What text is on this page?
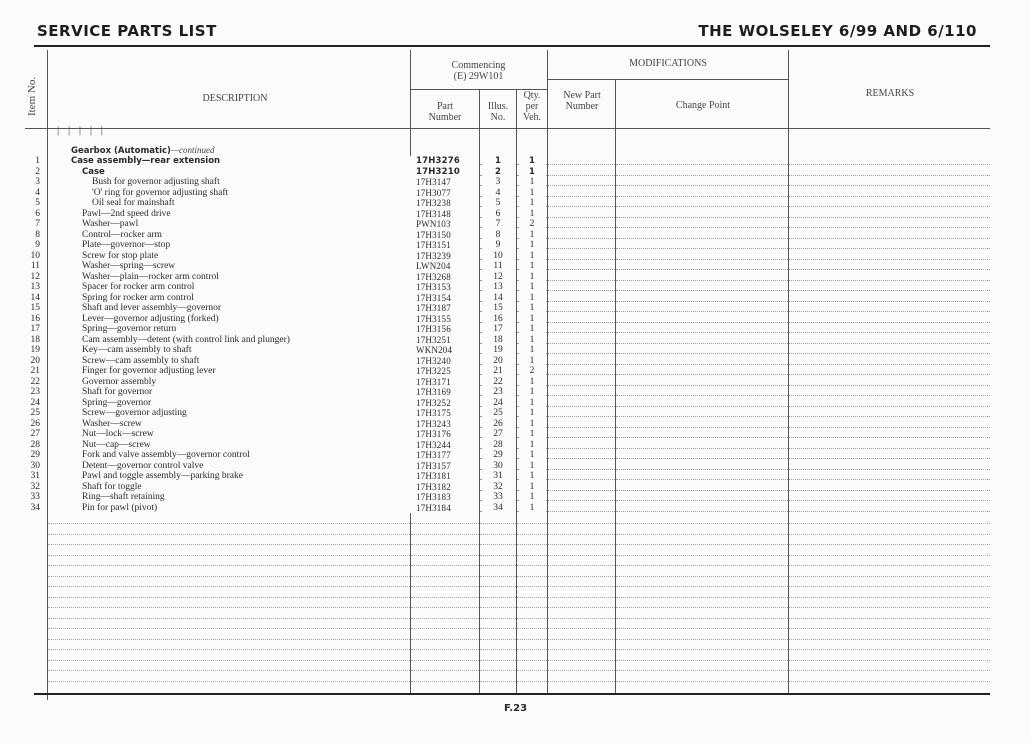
SERVICE PARTS LIST	THE WOLSELEY 6/99 AND 6/110
Item No.	DESCRIPTION
Commencing
(E) 29W101
Part Number
Illus. No.
Qty. per Veh.
MODIFICATIONS
New Part Number	Change Point
REMARKS
| | | | |
Gearbox (Automatic)—continued
1	Case assembly—rear extension	17H3276	1	1
2	Case	17H3210	2	1
3	Bush for governor adjusting shaft	17H3147	3	1
4	'O' ring for governor adjusting shaft	17H3077	4	1
5	Oil seal for mainshaft	17H3238	5	1
6	Pawl—2nd speed drive	17H3148	6	1
7	Washer—pawl	PWN103	7	2
8	Control—rocker arm	17H3150	8	1
9	Plate—governor—stop	17H3151	9	1
10	Screw for stop plate	17H3239	10	1
11	Washer—spring—screw	LWN204	11	1
12	Washer—plain—rocker arm control	17H3268	12	1
13	Spacer for rocker arm control	17H3153	13	1
14	Spring for rocker arm control	17H3154	14	1
15	Shaft and lever assembly—governor	17H3187	15	1
16	Lever—governor adjusting (forked)	17H3155	16	1
17	Spring—governor return	17H3156	17	1
18	Cam assembly—detent (with control link and plunger)	17H3251	18	1
19	Key—cam assembly to shaft	WKN204	19	1
20	Screw—cam assembly to shaft	17H3240	20	1
21	Finger for governor adjusting lever	17H3225	21	2
22	Governor assembly	17H3171	22	1
23	Shaft for governor	17H3169	23	1
24	Spring—governor	17H3252	24	1
25	Screw—governor adjusting	17H3175	25	1
26	Washer—screw	17H3243	26	1
27	Nut—lock—screw	17H3176	27	1
28	Nut—cap—screw	17H3244	28	1
29	Fork and valve assembly—governor control	17H3177	29	1
30	Detent—governor control valve	17H3157	30	1
31	Pawl and toggle assembly—parking brake	17H3181	31	1
32	Shaft for toggle	17H3182	32	1
33	Ring—shaft retaining	17H3183	33	1
34	Pin for pawl (pivot)	17H3184	34	1
F.23
